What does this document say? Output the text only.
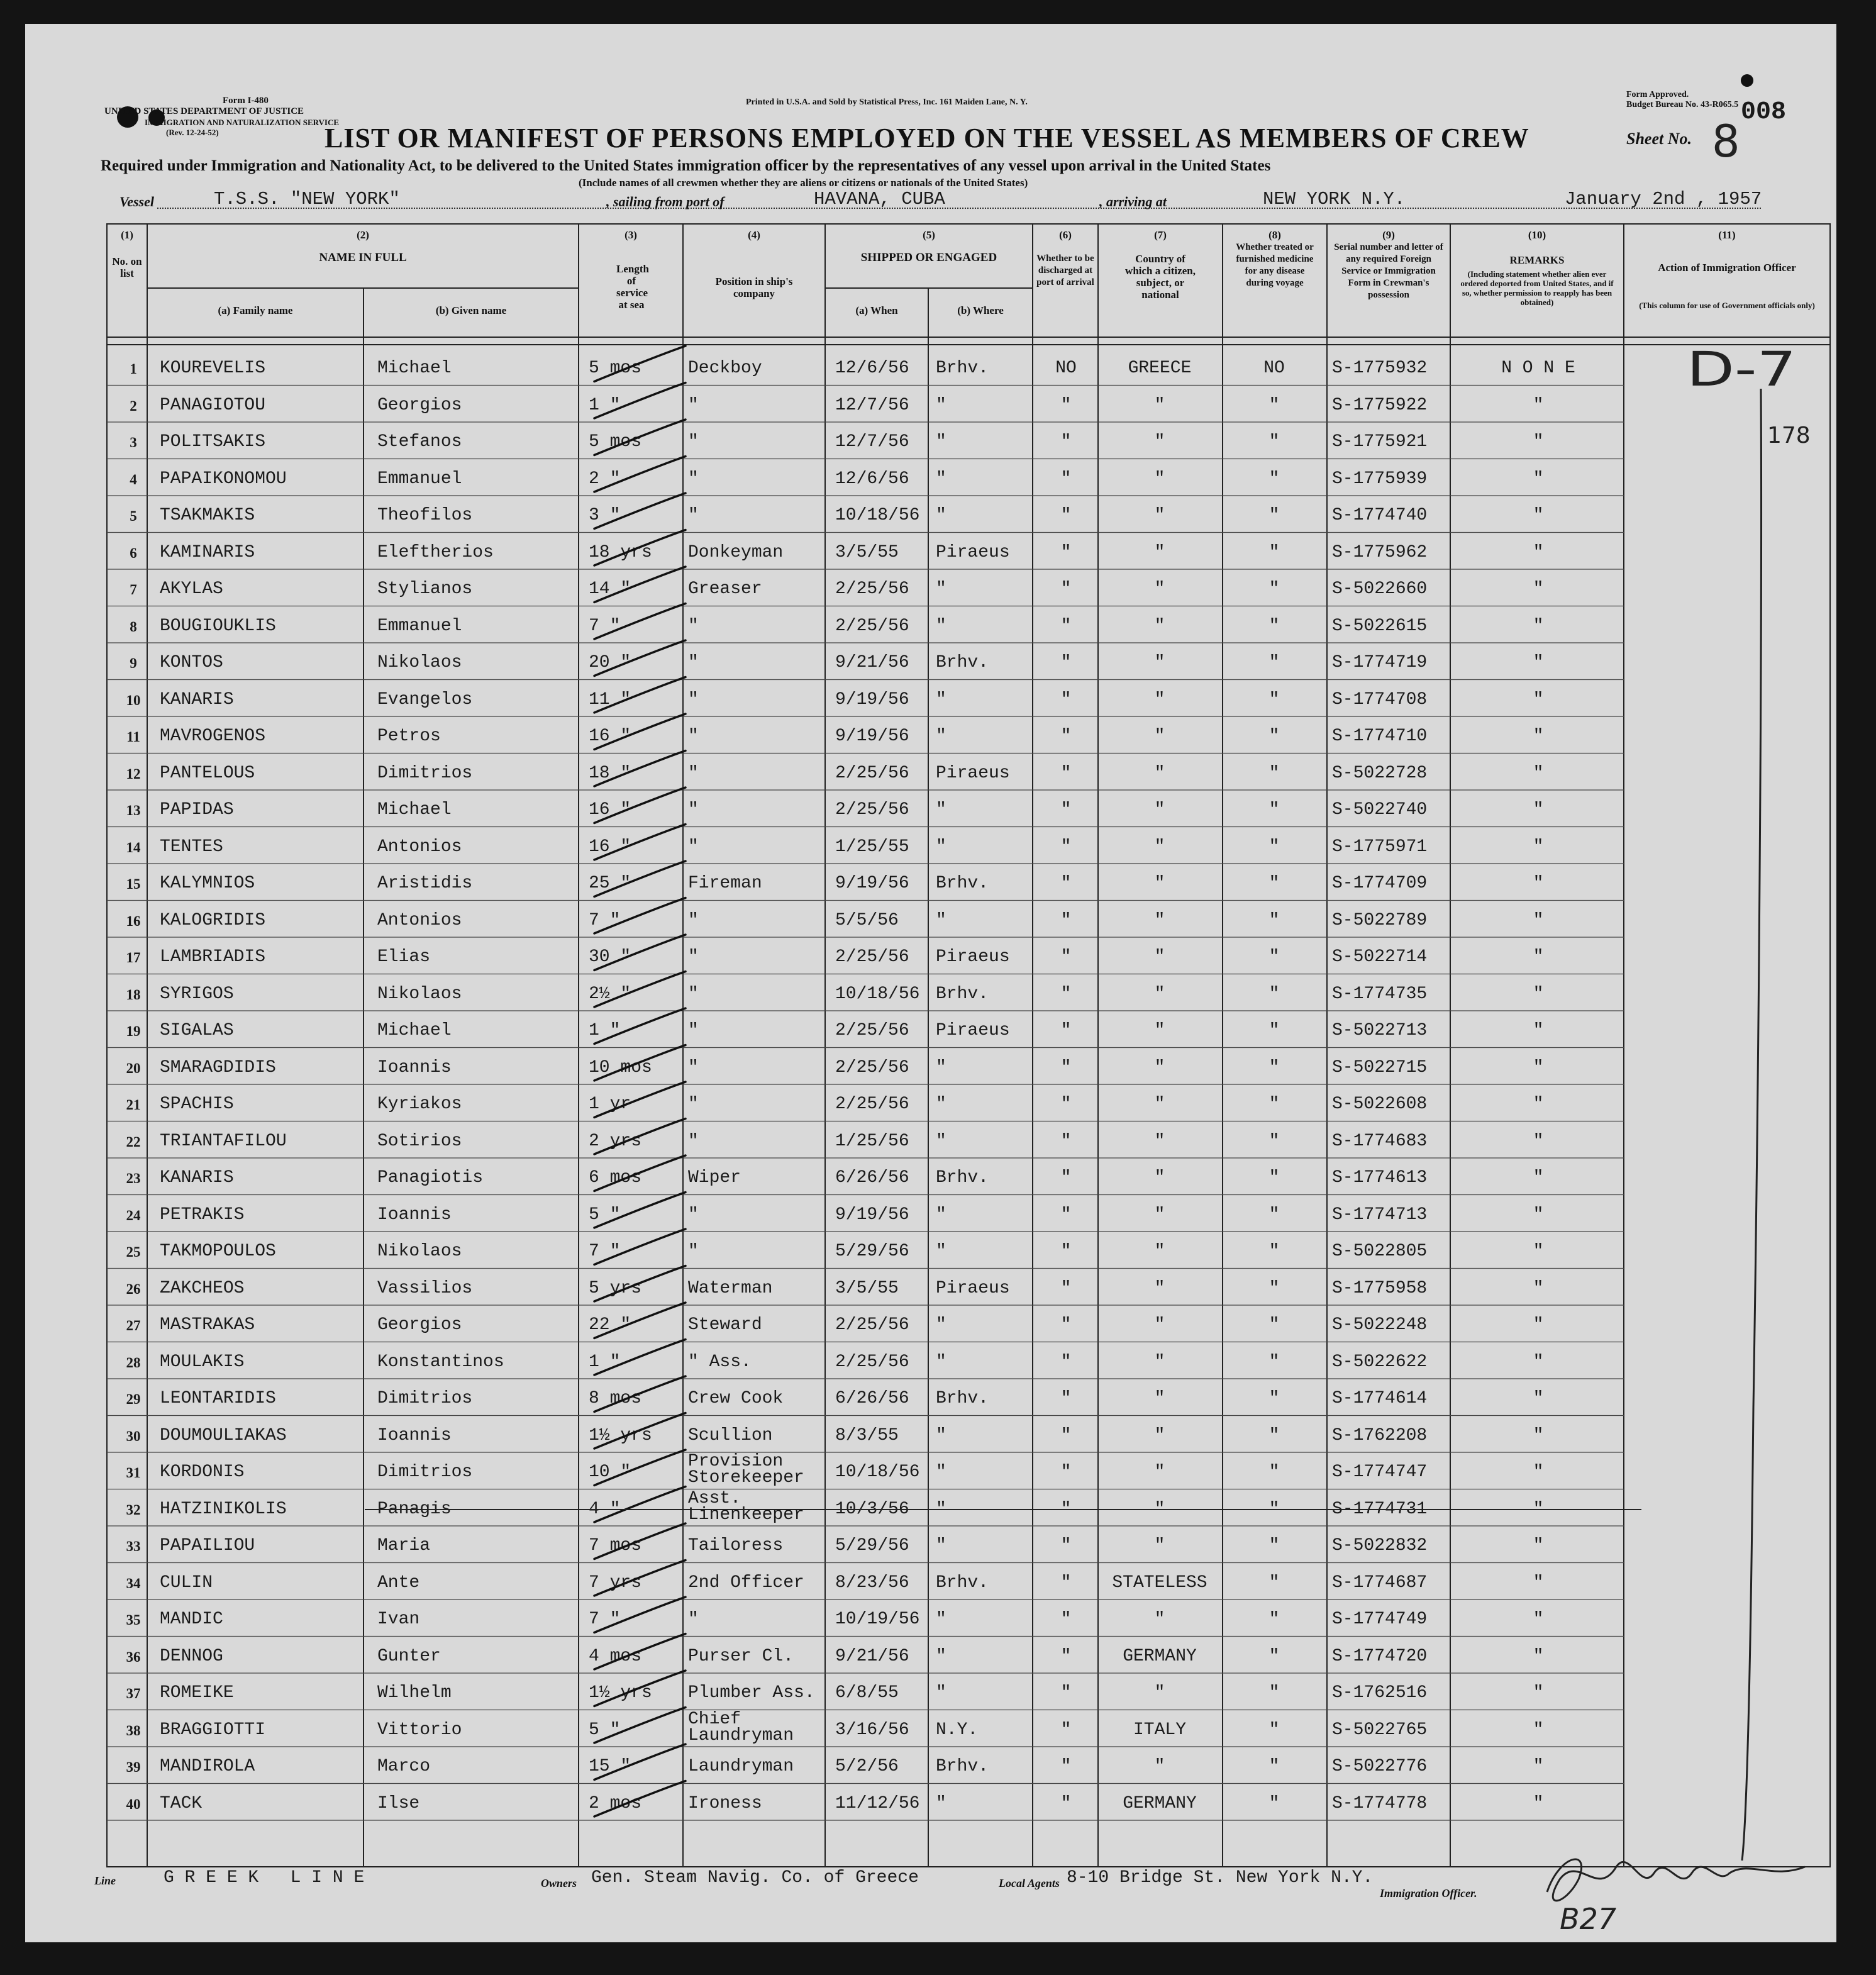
Form I-480
UNITED STATES DEPARTMENT OF JUSTICE
IMMIGRATION AND NATURALIZATION SERVICE
(Rev. 12-24-52)
Printed in U.S.A. and Sold by Statistical Press, Inc. 161 Maiden Lane, N. Y.
Form Approved.
Budget Bureau No. 43-R065.5
Sheet No.
008
8
LIST OR MANIFEST OF PERSONS EMPLOYED ON THE VESSEL AS MEMBERS OF CREW
Required under Immigration and Nationality Act, to be delivered to the United States immigration officer by the representatives of any vessel upon arrival in the United States
(Include names of all crewmen whether they are aliens or citizens or nationals of the United States)
Vessel	T.S.S. "NEW YORK"	, sailing from port of	HAVANA, CUBA	, arriving at	NEW YORK N.Y.	January 2nd , 1957
(1)
No. on list
(2)
NAME IN FULL
(a) Family name	(b) Given name
(3)
Length of service at sea
(4)
Position in ship's company
(5)
SHIPPED OR ENGAGED
(a) When	(b) Where
(6)
Whether to be discharged at port of arrival
(7)
Country of which a citizen, subject, or national
(8)
Whether treated or furnished medicine for any disease during voyage
(9)
Serial number and letter of any required Foreign Service or Immigration Form in Crewman's possession
(10)
REMARKS
(Including statement whether alien ever ordered deported from United States, and if so, whether permission to reapply has been obtained)
(11)
Action of Immigration Officer
(This column for use of Government officials only)
1	KOUREVELIS	Michael	5 mos	Deckboy	12/6/56 Brhv.	NO	GREECE	NO	S-1775932	N O N E
2	PANAGIOTOU	Georgios	1 "	"	12/7/56 "	"	"	"	S-1775922	"
3	POLITSAKIS	Stefanos	5 mos	"	12/7/56 "	"	"	"	S-1775921	"
4	PAPAIKONOMOU	Emmanuel	2 "	"	12/6/56 "	"	"	"	S-1775939	"
5	TSAKMAKIS	Theofilos	3 "	"	10/18/56 "	"	"	"	S-1774740	"
6	KAMINARIS	Eleftherios	18 yrs Donkeyman	3/5/55 Piraeus	"	"	"	S-1775962	"
7	AKYLAS	Stylianos	14 "	Greaser	2/25/56 "	"	"	"	S-5022660	"
8	BOUGIOUKLIS	Emmanuel	7 "	"	2/25/56 "	"	"	"	S-5022615	"
9	KONTOS	Nikolaos	20 "	"	9/21/56 Brhv.	"	"	"	S-1774719	"
10	KANARIS	Evangelos	11 "	"	9/19/56 "	"	"	"	S-1774708	"
11	MAVROGENOS	Petros	16 "	"	9/19/56 "	"	"	"	S-1774710	"
12	PANTELOUS	Dimitrios	18 "	"	2/25/56 Piraeus	"	"	"	S-5022728	"
13	PAPIDAS	Michael	16 "	"	2/25/56 "	"	"	"	S-5022740	"
14	TENTES	Antonios	16 "	"	1/25/55 "	"	"	"	S-1775971	"
15	KALYMNIOS	Aristidis	25 "	Fireman	9/19/56 Brhv.	"	"	"	S-1774709	"
16	KALOGRIDIS	Antonios	7 "	"	5/5/56 "	"	"	"	S-5022789	"
17	LAMBRIADIS	Elias	30 "	"	2/25/56 Piraeus	"	"	"	S-5022714	"
18	SYRIGOS	Nikolaos	2½ "	"	10/18/56 Brhv.	"	"	"	S-1774735	"
19	SIGALAS	Michael	1 "	"	2/25/56 Piraeus	"	"	"	S-5022713	"
20	SMARAGDIDIS	Ioannis	10 mos "	2/25/56 "	"	"	"	S-5022715	"
21	SPACHIS	Kyriakos	1 yr	"	2/25/56 "	"	"	"	S-5022608	"
22	TRIANTAFILOU	Sotirios	2 yrs	"	1/25/56 "	"	"	"	S-1774683	"
23	KANARIS	Panagiotis	6 mos	Wiper	6/26/56 Brhv.	"	"	"	S-1774613	"
24	PETRAKIS	Ioannis	5 "	"	9/19/56 "	"	"	"	S-1774713	"
25	TAKMOPOULOS	Nikolaos	7 "	"	5/29/56 "	"	"	"	S-5022805	"
26	ZAKCHEOS	Vassilios	5 yrs	Waterman	3/5/55 Piraeus	"	"	"	S-1775958	"
27	MASTRAKAS	Georgios	22 "	Steward	2/25/56 "	"	"	"	S-5022248	"
28	MOULAKIS	Konstantinos	1 "	" Ass.	2/25/56 "	"	"	"	S-5022622	"
29	LEONTARIDIS	Dimitrios	8 mos	Crew Cook	6/26/56 Brhv.	"	"	"	S-1774614	"
30	DOUMOULIAKAS	Ioannis	1½ yrs Scullion	8/3/55 "	"	"	"	S-1762208	"
31	KORDONIS	Dimitrios	10 "
Provision Storekeeper	10/18/56 "	"	"	"	S-1774747	"
32	HATZINIKOLIS	Panagis	4 "
Asst. Linenkeeper	10/3/56 "	"	"	"	S-1774731	"
33	PAPAILIOU	Maria	7 mos	Tailoress	5/29/56 "	"	"	"	S-5022832	"
34	CULIN	Ante	7 yrs	2nd Officer 8/23/56 Brhv.	"	STATELESS	"	S-1774687	"
35	MANDIC	Ivan	7 "	"	10/19/56 "	"	"	"	S-1774749	"
36	DENNOG	Gunter	4 mos	Purser Cl. 9/21/56 "	"	GERMANY	"	S-1774720	"
37	ROMEIKE	Wilhelm	1½ yrs Plumber Ass. 6/8/55 "	"	"	"	S-1762516	"
38	BRAGGIOTTI	Vittorio	5 "
Chief Laundryman	3/16/56 N.Y.	"	ITALY	"	S-5022765	"
39	MANDIROLA	Marco	15 "	Laundryman 5/2/56 Brhv.	"	"	"	S-5022776	"
40	TACK	Ilse	2 mos	Ironess	11/12/56 "	"	GERMANY	"	S-1774778	"
D-7
178
Line	G R E E K   L I N E	Owners Gen. Steam Navig. Co. of Greece	Local Agents 8-10 Bridge St. New York N.Y.
Immigration Officer.
B27
